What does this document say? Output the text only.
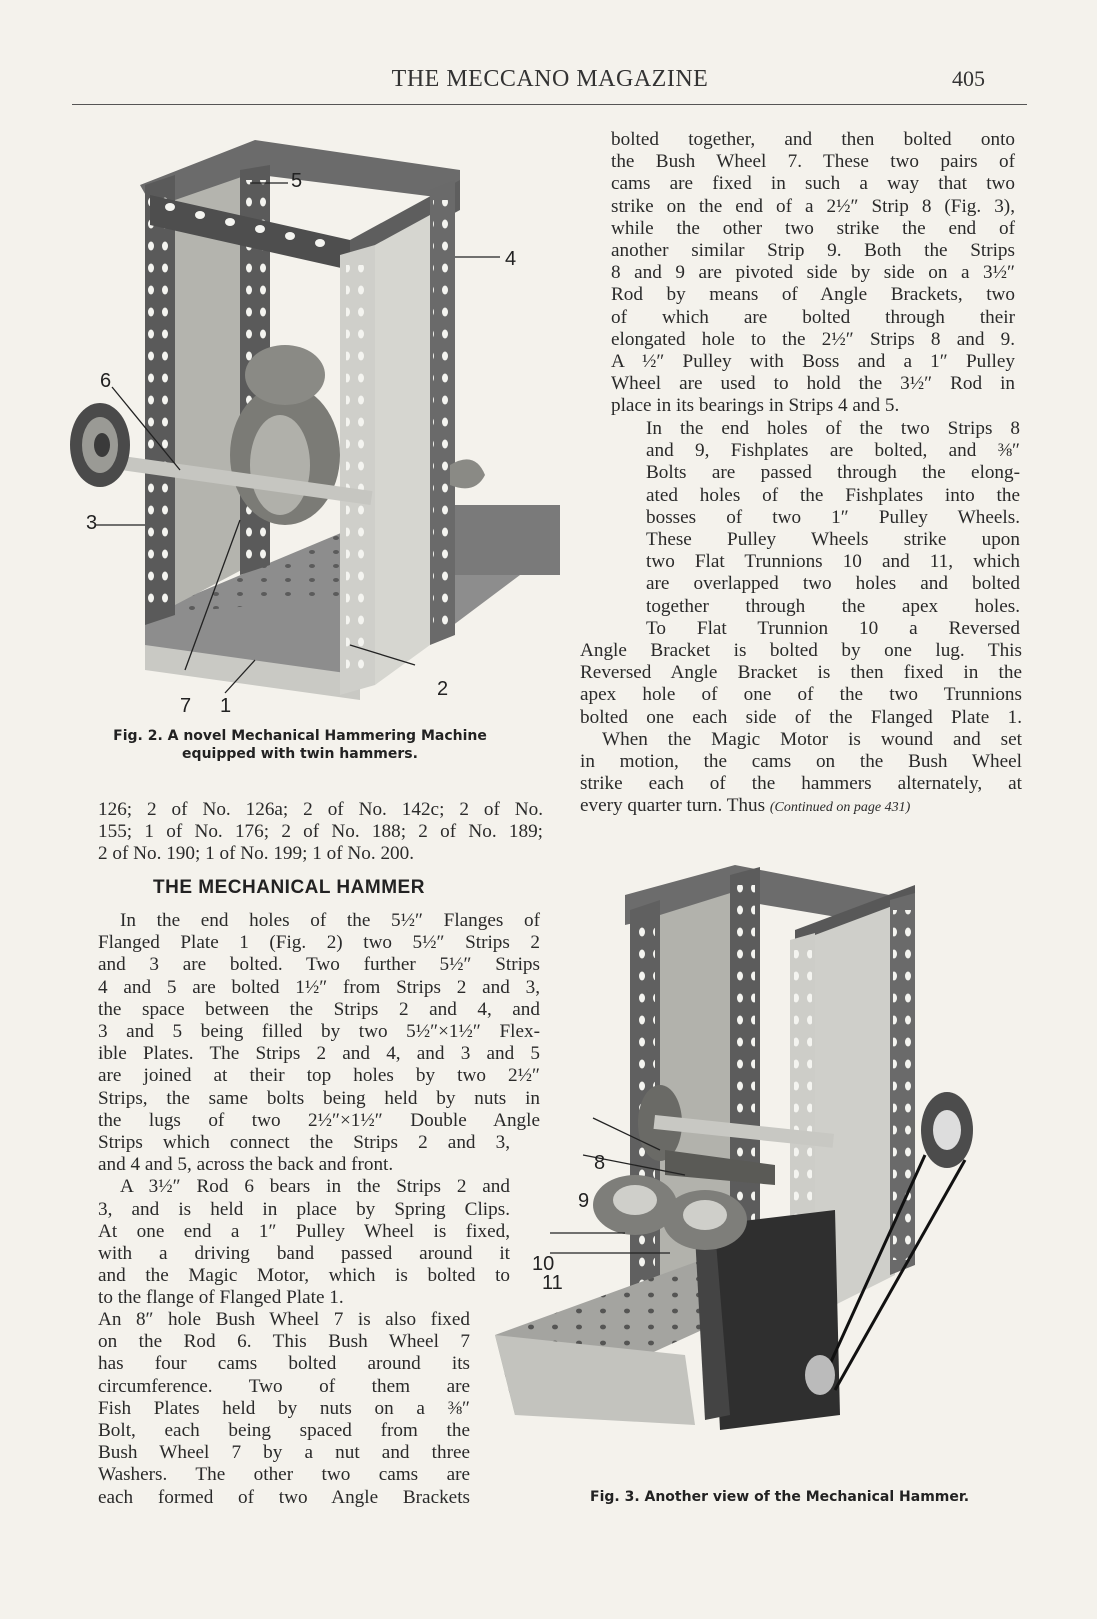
THE MECCANO MAGAZINE	405
5
4
6
3
7 1
2
Fig. 2. A novel Mechanical Hammering Machine
equipped with twin hammers.
bolted together, and then bolted onto
the Bush Wheel 7. These two pairs of
cams are fixed in such a way that two
strike on the end of a 2½″ Strip 8 (Fig. 3),
while the other two strike the end of
another similar Strip 9. Both the Strips
8 and 9 are pivoted side by side on a 3½″
Rod by means of Angle Brackets, two
of which are bolted through their
elongated hole to the 2½″ Strips 8 and 9.
A ½″ Pulley with Boss and a 1″ Pulley
Wheel are used to hold the 3½″ Rod in
place in its bearings in Strips 4 and 5.
In the end holes of the two Strips 8
and 9, Fishplates are bolted, and ⅜″
Bolts are passed through the elong-
ated holes of the Fishplates into the
bosses of two 1″ Pulley Wheels.
These Pulley Wheels strike upon
two Flat Trunnions 10 and 11, which
are overlapped two holes and bolted
together through the apex holes.
To Flat Trunnion 10 a Reversed
Angle Bracket is bolted by one lug. This
Reversed Angle Bracket is then fixed in the
apex hole of one of the two Trunnions
bolted one each side of the Flanged Plate 1.
When the Magic Motor is wound and set
in motion, the cams on the Bush Wheel
strike each of the hammers alternately, at
every quarter turn. Thus (Continued on page 431)
126; 2 of No. 126a; 2 of No. 142c; 2 of No.
155; 1 of No. 176; 2 of No. 188; 2 of No. 189;
2 of No. 190; 1 of No. 199; 1 of No. 200.
THE MECHANICAL HAMMER
In the end holes of the 5½″ Flanges of
Flanged Plate 1 (Fig. 2) two 5½″ Strips 2
and 3 are bolted. Two further 5½″ Strips
4 and 5 are bolted 1½″ from Strips 2 and 3,
the space between the Strips 2 and 4, and
3 and 5 being filled by two 5½″×1½″ Flex-
ible Plates. The Strips 2 and 4, and 3 and 5
are joined at their top holes by two 2½″
Strips, the same bolts being held by nuts in
the lugs of two 2½″×1½″ Double Angle
Strips which connect the Strips 2 and 3,
and 4 and 5, across the back and front.
A 3½″ Rod 6 bears in the Strips 2 and
3, and is held in place by Spring Clips.
At one end a 1″ Pulley Wheel is fixed,
with a driving band passed around it
and the Magic Motor, which is bolted to
to the flange of Flanged Plate 1.
An 8″ hole Bush Wheel 7 is also fixed
on the Rod 6. This Bush Wheel 7
has four cams bolted around its
circumference. Two of them are
Fish Plates held by nuts on a ⅜″
Bolt, each being spaced from the
Bush Wheel 7 by a nut and three
Washers. The other two cams are
each formed of two Angle Brackets
8
9
10
11
Fig. 3. Another view of the Mechanical Hammer.
